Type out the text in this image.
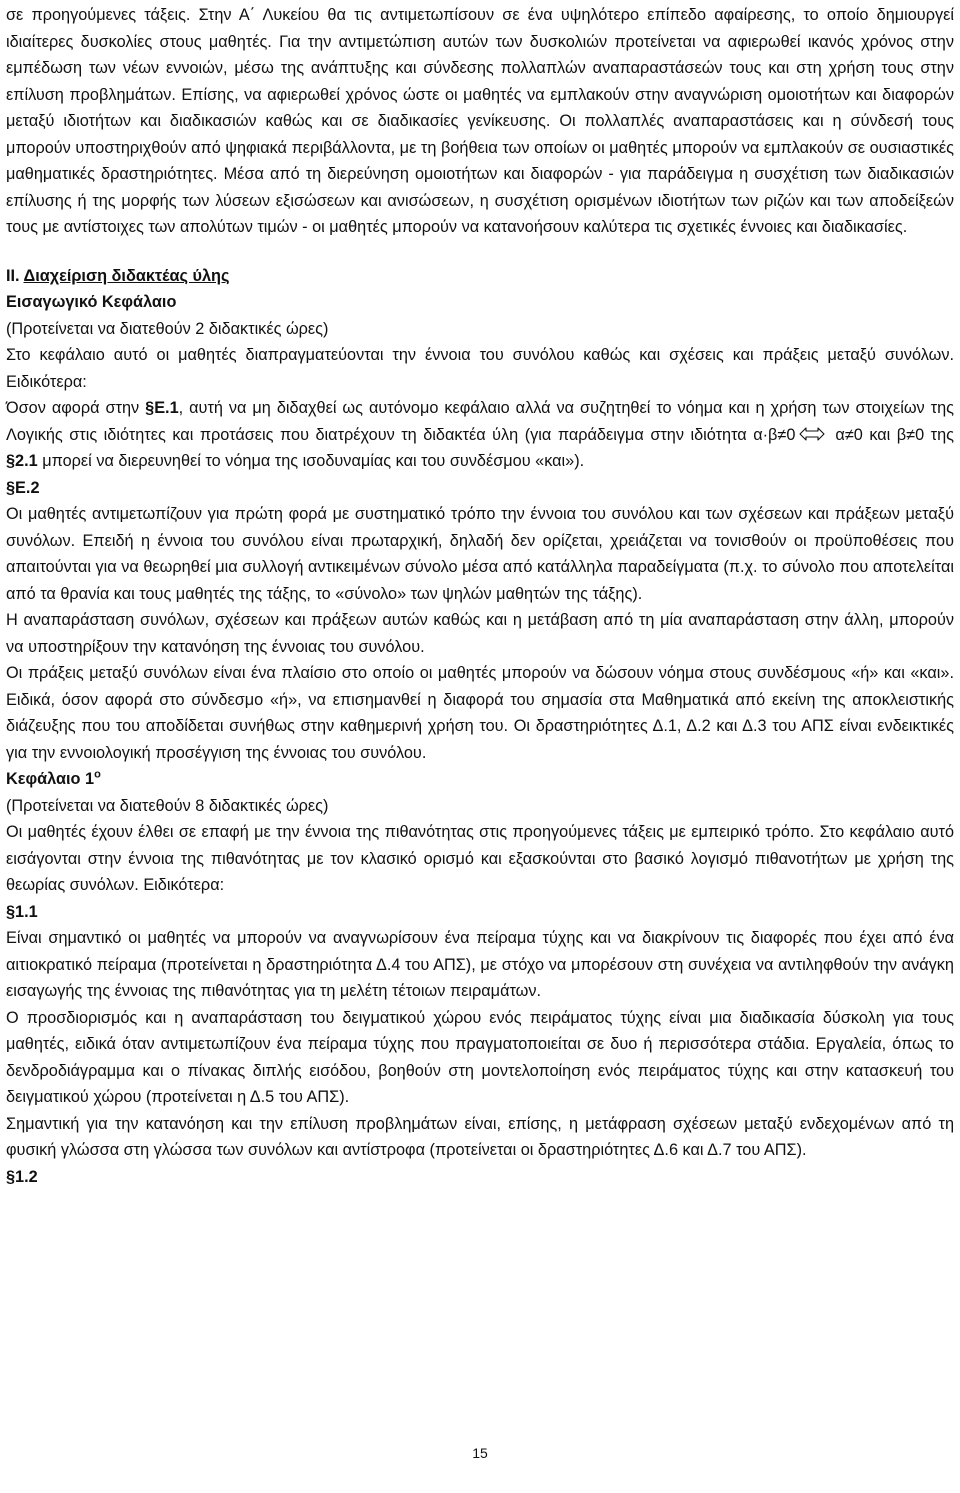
σε προηγούμενες τάξεις. Στην Α΄ Λυκείου θα τις αντιμετωπίσουν σε ένα υψηλότερο επίπεδο αφαίρεσης, το οποίο δημιουργεί ιδιαίτερες δυσκολίες στους μαθητές. Για την αντιμετώπιση αυτών των δυσκολιών προτείνεται να αφιερωθεί ικανός χρόνος στην εμπέδωση των νέων εννοιών, μέσω της ανάπτυξης και σύνδεσης πολλαπλών αναπαραστάσεών τους και στη χρήση τους στην επίλυση προβλημάτων. Επίσης, να αφιερωθεί χρόνος ώστε οι μαθητές να εμπλακούν στην αναγνώριση ομοιοτήτων και διαφορών μεταξύ ιδιοτήτων και διαδικασιών καθώς και σε διαδικασίες γενίκευσης. Οι πολλαπλές αναπαραστάσεις και η σύνδεσή τους μπορούν υποστηριχθούν από ψηφιακά περιβάλλοντα, με τη βοήθεια των οποίων οι μαθητές μπορούν να εμπλακούν σε ουσιαστικές μαθηματικές δραστηριότητες. Μέσα από τη διερεύνηση ομοιοτήτων και διαφορών - για παράδειγμα η συσχέτιση των διαδικασιών επίλυσης ή της μορφής των λύσεων εξισώσεων και ανισώσεων, η συσχέτιση ορισμένων ιδιοτήτων των ριζών και των αποδείξεών τους με αντίστοιχες των απολύτων τιμών - οι μαθητές μπορούν να κατανοήσουν καλύτερα τις σχετικές έννοιες και διαδικασίες.

ΙΙ. Διαχείριση διδακτέας ύλης

Εισαγωγικό Κεφάλαιο

(Προτείνεται να διατεθούν 2 διδακτικές ώρες)

Στο κεφάλαιο αυτό οι μαθητές διαπραγματεύονται την έννοια του συνόλου καθώς και σχέσεις και πράξεις μεταξύ συνόλων. Ειδικότερα:

Όσον αφορά στην §Ε.1, αυτή να μη διδαχθεί ως αυτόνομο κεφάλαιο αλλά να συζητηθεί το νόημα και η χρήση των στοιχείων της Λογικής στις ιδιότητες και προτάσεις που διατρέχουν τη διδακτέα ύλη (για παράδειγμα στην ιδιότητα α·β≠0 α≠0 και β≠0 της §2.1 μπορεί να διερευνηθεί το νόημα της ισοδυναμίας και του συνδέσμου «και»).

§Ε.2

Οι μαθητές αντιμετωπίζουν για πρώτη φορά με συστηματικό τρόπο την έννοια του συνόλου και των σχέσεων και πράξεων μεταξύ συνόλων. Επειδή η έννοια του συνόλου είναι πρωταρχική, δηλαδή δεν ορίζεται, χρειάζεται να τονισθούν οι προϋποθέσεις που απαιτούνται για να θεωρηθεί μια συλλογή αντικειμένων σύνολο μέσα από κατάλληλα παραδείγματα (π.χ. το σύνολο που αποτελείται από τα θρανία και τους μαθητές της τάξης, το «σύνολο» των ψηλών μαθητών της τάξης).

Η αναπαράσταση συνόλων, σχέσεων και πράξεων αυτών καθώς και η μετάβαση από τη μία αναπαράσταση στην άλλη, μπορούν να υποστηρίξουν την κατανόηση της έννοιας του συνόλου.

Οι πράξεις μεταξύ συνόλων είναι ένα πλαίσιο στο οποίο οι μαθητές μπορούν να δώσουν νόημα στους συνδέσμους «ή» και «και». Ειδικά, όσον αφορά στο σύνδεσμο «ή», να επισημανθεί η διαφορά του σημασία στα Μαθηματικά από εκείνη της αποκλειστικής διάζευξης που του αποδίδεται συνήθως στην καθημερινή χρήση του. Οι δραστηριότητες Δ.1, Δ.2 και Δ.3 του ΑΠΣ είναι ενδεικτικές για την εννοιολογική προσέγγιση της έννοιας του συνόλου.

Κεφάλαιο $1^o$

(Προτείνεται να διατεθούν 8 διδακτικές ώρες)

Οι μαθητές έχουν έλθει σε επαφή με την έννοια της πιθανότητας στις προηγούμενες τάξεις με εμπειρικό τρόπο. Στο κεφάλαιο αυτό εισάγονται στην έννοια της πιθανότητας με τον κλασικό ορισμό και εξασκούνται στο βασικό λογισμό πιθανοτήτων με χρήση της θεωρίας συνόλων. Ειδικότερα:

§1.1

Είναι σημαντικό οι μαθητές να μπορούν να αναγνωρίσουν ένα πείραμα τύχης και να διακρίνουν τις διαφορές που έχει από ένα αιτιοκρατικό πείραμα (προτείνεται η δραστηριότητα Δ.4 του ΑΠΣ), με στόχο να μπορέσουν στη συνέχεια να αντιληφθούν την ανάγκη εισαγωγής της έννοιας της πιθανότητας για τη μελέτη τέτοιων πειραμάτων.

Ο προσδιορισμός και η αναπαράσταση του δειγματικού χώρου ενός πειράματος τύχης είναι μια διαδικασία δύσκολη για τους μαθητές, ειδικά όταν αντιμετωπίζουν ένα πείραμα τύχης που πραγματοποιείται σε δυο ή περισσότερα στάδια. Εργαλεία, όπως το δενδροδιάγραμμα και ο πίνακας διπλής εισόδου, βοηθούν στη μοντελοποίηση ενός πειράματος τύχης και στην κατασκευή του δειγματικού χώρου (προτείνεται η Δ.5 του ΑΠΣ).

Σημαντική για την κατανόηση και την επίλυση προβλημάτων είναι, επίσης, η μετάφραση σχέσεων μεταξύ ενδεχομένων από τη φυσική γλώσσα στη γλώσσα των συνόλων και αντίστροφα (προτείνεται οι δραστηριότητες Δ.6 και Δ.7 του ΑΠΣ).

§1.2

15
